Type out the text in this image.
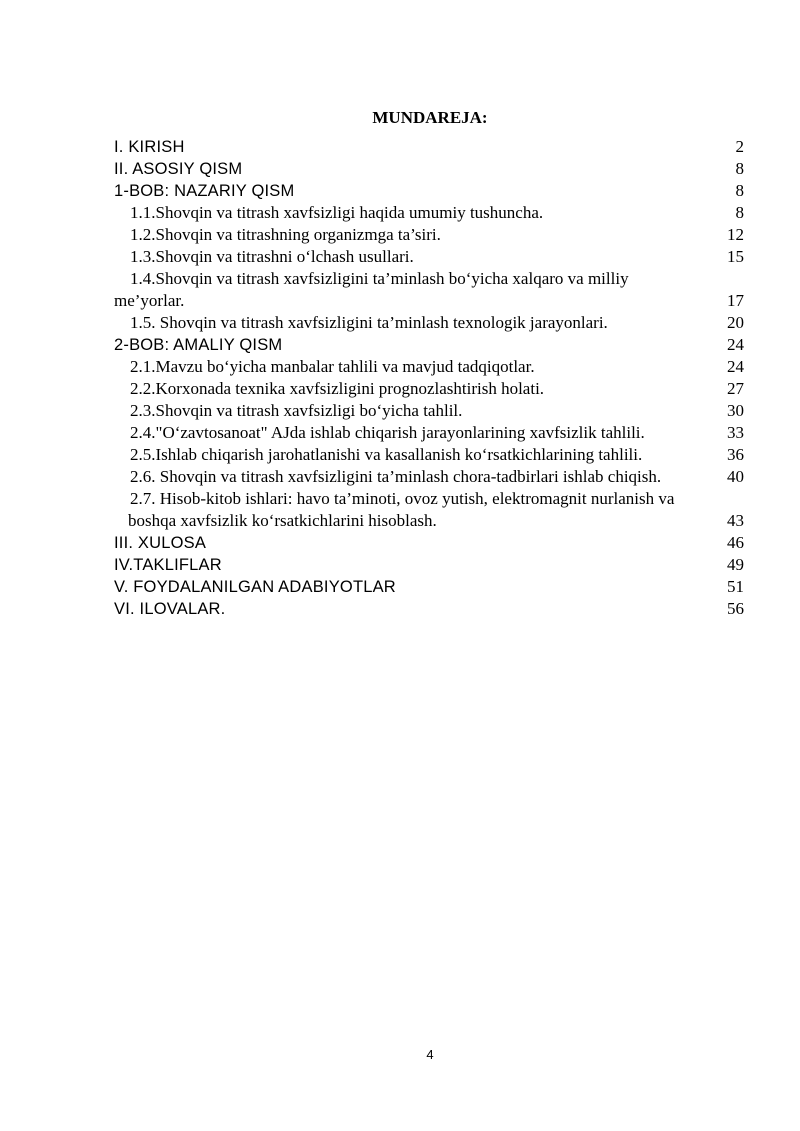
MUNDAREJA:
I. KIRISH	2
II. ASOSIY QISM	8
1-BOB: NAZARIY QISM	8
1.1.Shovqin va titrash xavfsizligi haqida umumiy tushuncha.	8
1.2.Shovqin va titrashning organizmga ta’siri.	12
1.3.Shovqin va titrashni o‘lchash usullari.	15
1.4.Shovqin va titrash xavfsizligini ta’minlash bo‘yicha xalqaro va milliy
me’yorlar.	17
1.5. Shovqin va titrash xavfsizligini ta’minlash texnologik jarayonlari.	20
2-BOB: AMALIY QISM	24
2.1.Mavzu bo‘yicha manbalar tahlili va mavjud tadqiqotlar.	24
2.2.Korxonada texnika xavfsizligini prognozlashtirish holati.	27
2.3.Shovqin va titrash xavfsizligi bo‘yicha tahlil.	30
2.4."O‘zavtosanoat" AJda ishlab chiqarish jarayonlarining xavfsizlik tahlili.	33
2.5.Ishlab chiqarish jarohatlanishi va kasallanish ko‘rsatkichlarining tahlili.	36
2.6. Shovqin va titrash xavfsizligini ta’minlash chora-tadbirlari ishlab chiqish.	40
2.7. Hisob-kitob ishlari: havo ta’minoti, ovoz yutish, elektromagnit nurlanish va
boshqa xavfsizlik ko‘rsatkichlarini hisoblash.	43
III. XULOSA	46
IV.TAKLIFLAR	49
V. FOYDALANILGAN ADABIYOTLAR	51
VI. ILOVALAR.	56
4
